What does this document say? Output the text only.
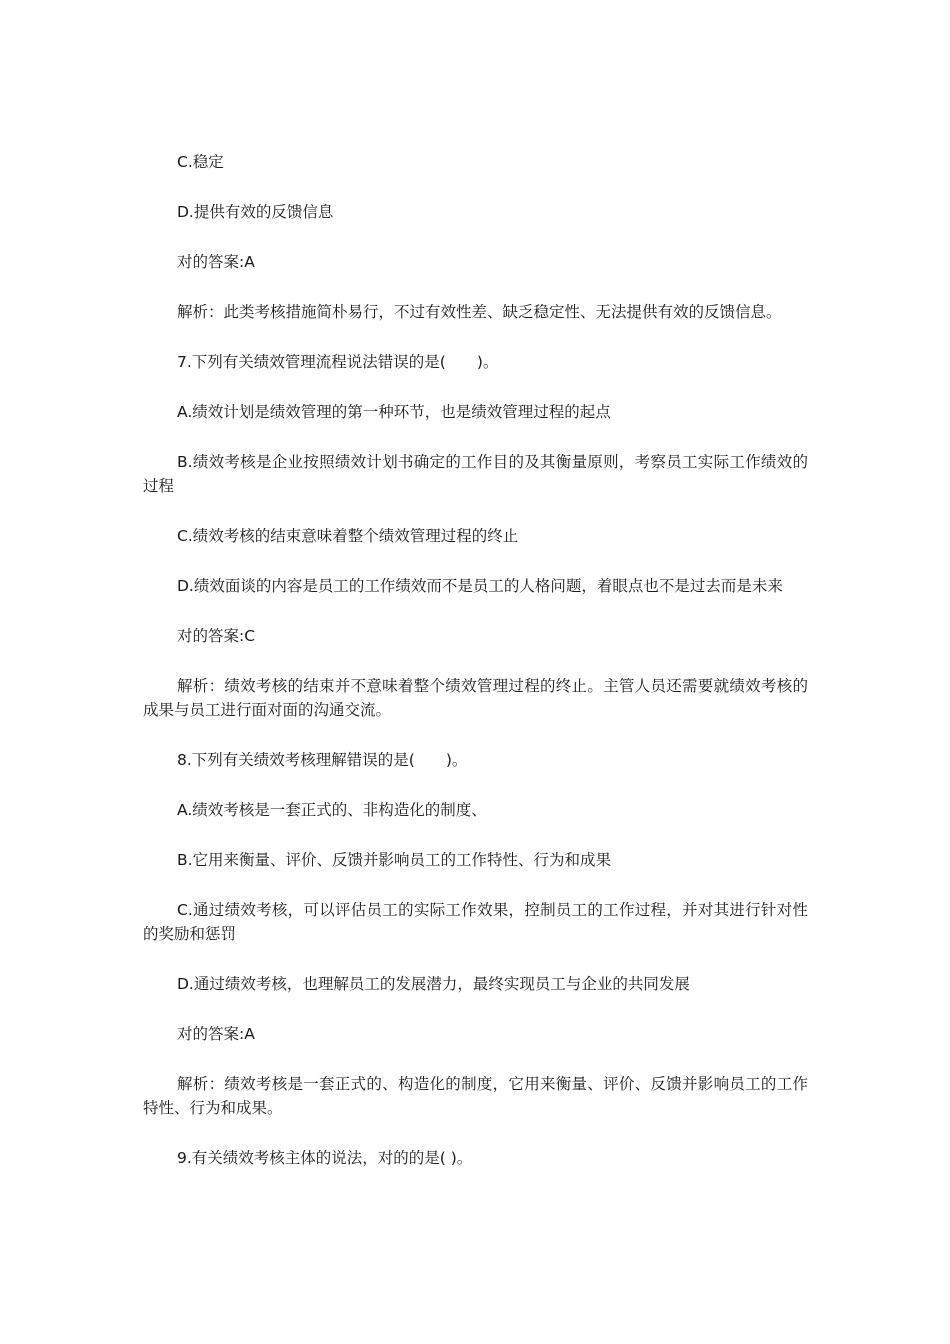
C.稳定

D.提供有效的反馈信息

对的答案:A

解析：此类考核措施简朴易行，不过有效性差、缺乏稳定性、无法提供有效的反馈信息。

7.下列有关绩效管理流程说法错误的是(　　)。

A.绩效计划是绩效管理的第一种环节，也是绩效管理过程的起点

B.绩效考核是企业按照绩效计划书确定的工作目的及其衡量原则，考察员工实际工作绩效的过程

C.绩效考核的结束意味着整个绩效管理过程的终止

D.绩效面谈的内容是员工的工作绩效而不是员工的人格问题，着眼点也不是过去而是未来

对的答案:C

解析：绩效考核的结束并不意味着整个绩效管理过程的终止。主管人员还需要就绩效考核的成果与员工进行面对面的沟通交流。

8.下列有关绩效考核理解错误的是(　　)。

A.绩效考核是一套正式的、非构造化的制度、

B.它用来衡量、评价、反馈并影响员工的工作特性、行为和成果

C.通过绩效考核，可以评估员工的实际工作效果，控制员工的工作过程，并对其进行针对性的奖励和惩罚

D.通过绩效考核，也理解员工的发展潜力，最终实现员工与企业的共同发展

对的答案:A

解析：绩效考核是一套正式的、构造化的制度，它用来衡量、评价、反馈并影响员工的工作特性、行为和成果。

9.有关绩效考核主体的说法，对的的是( )。
